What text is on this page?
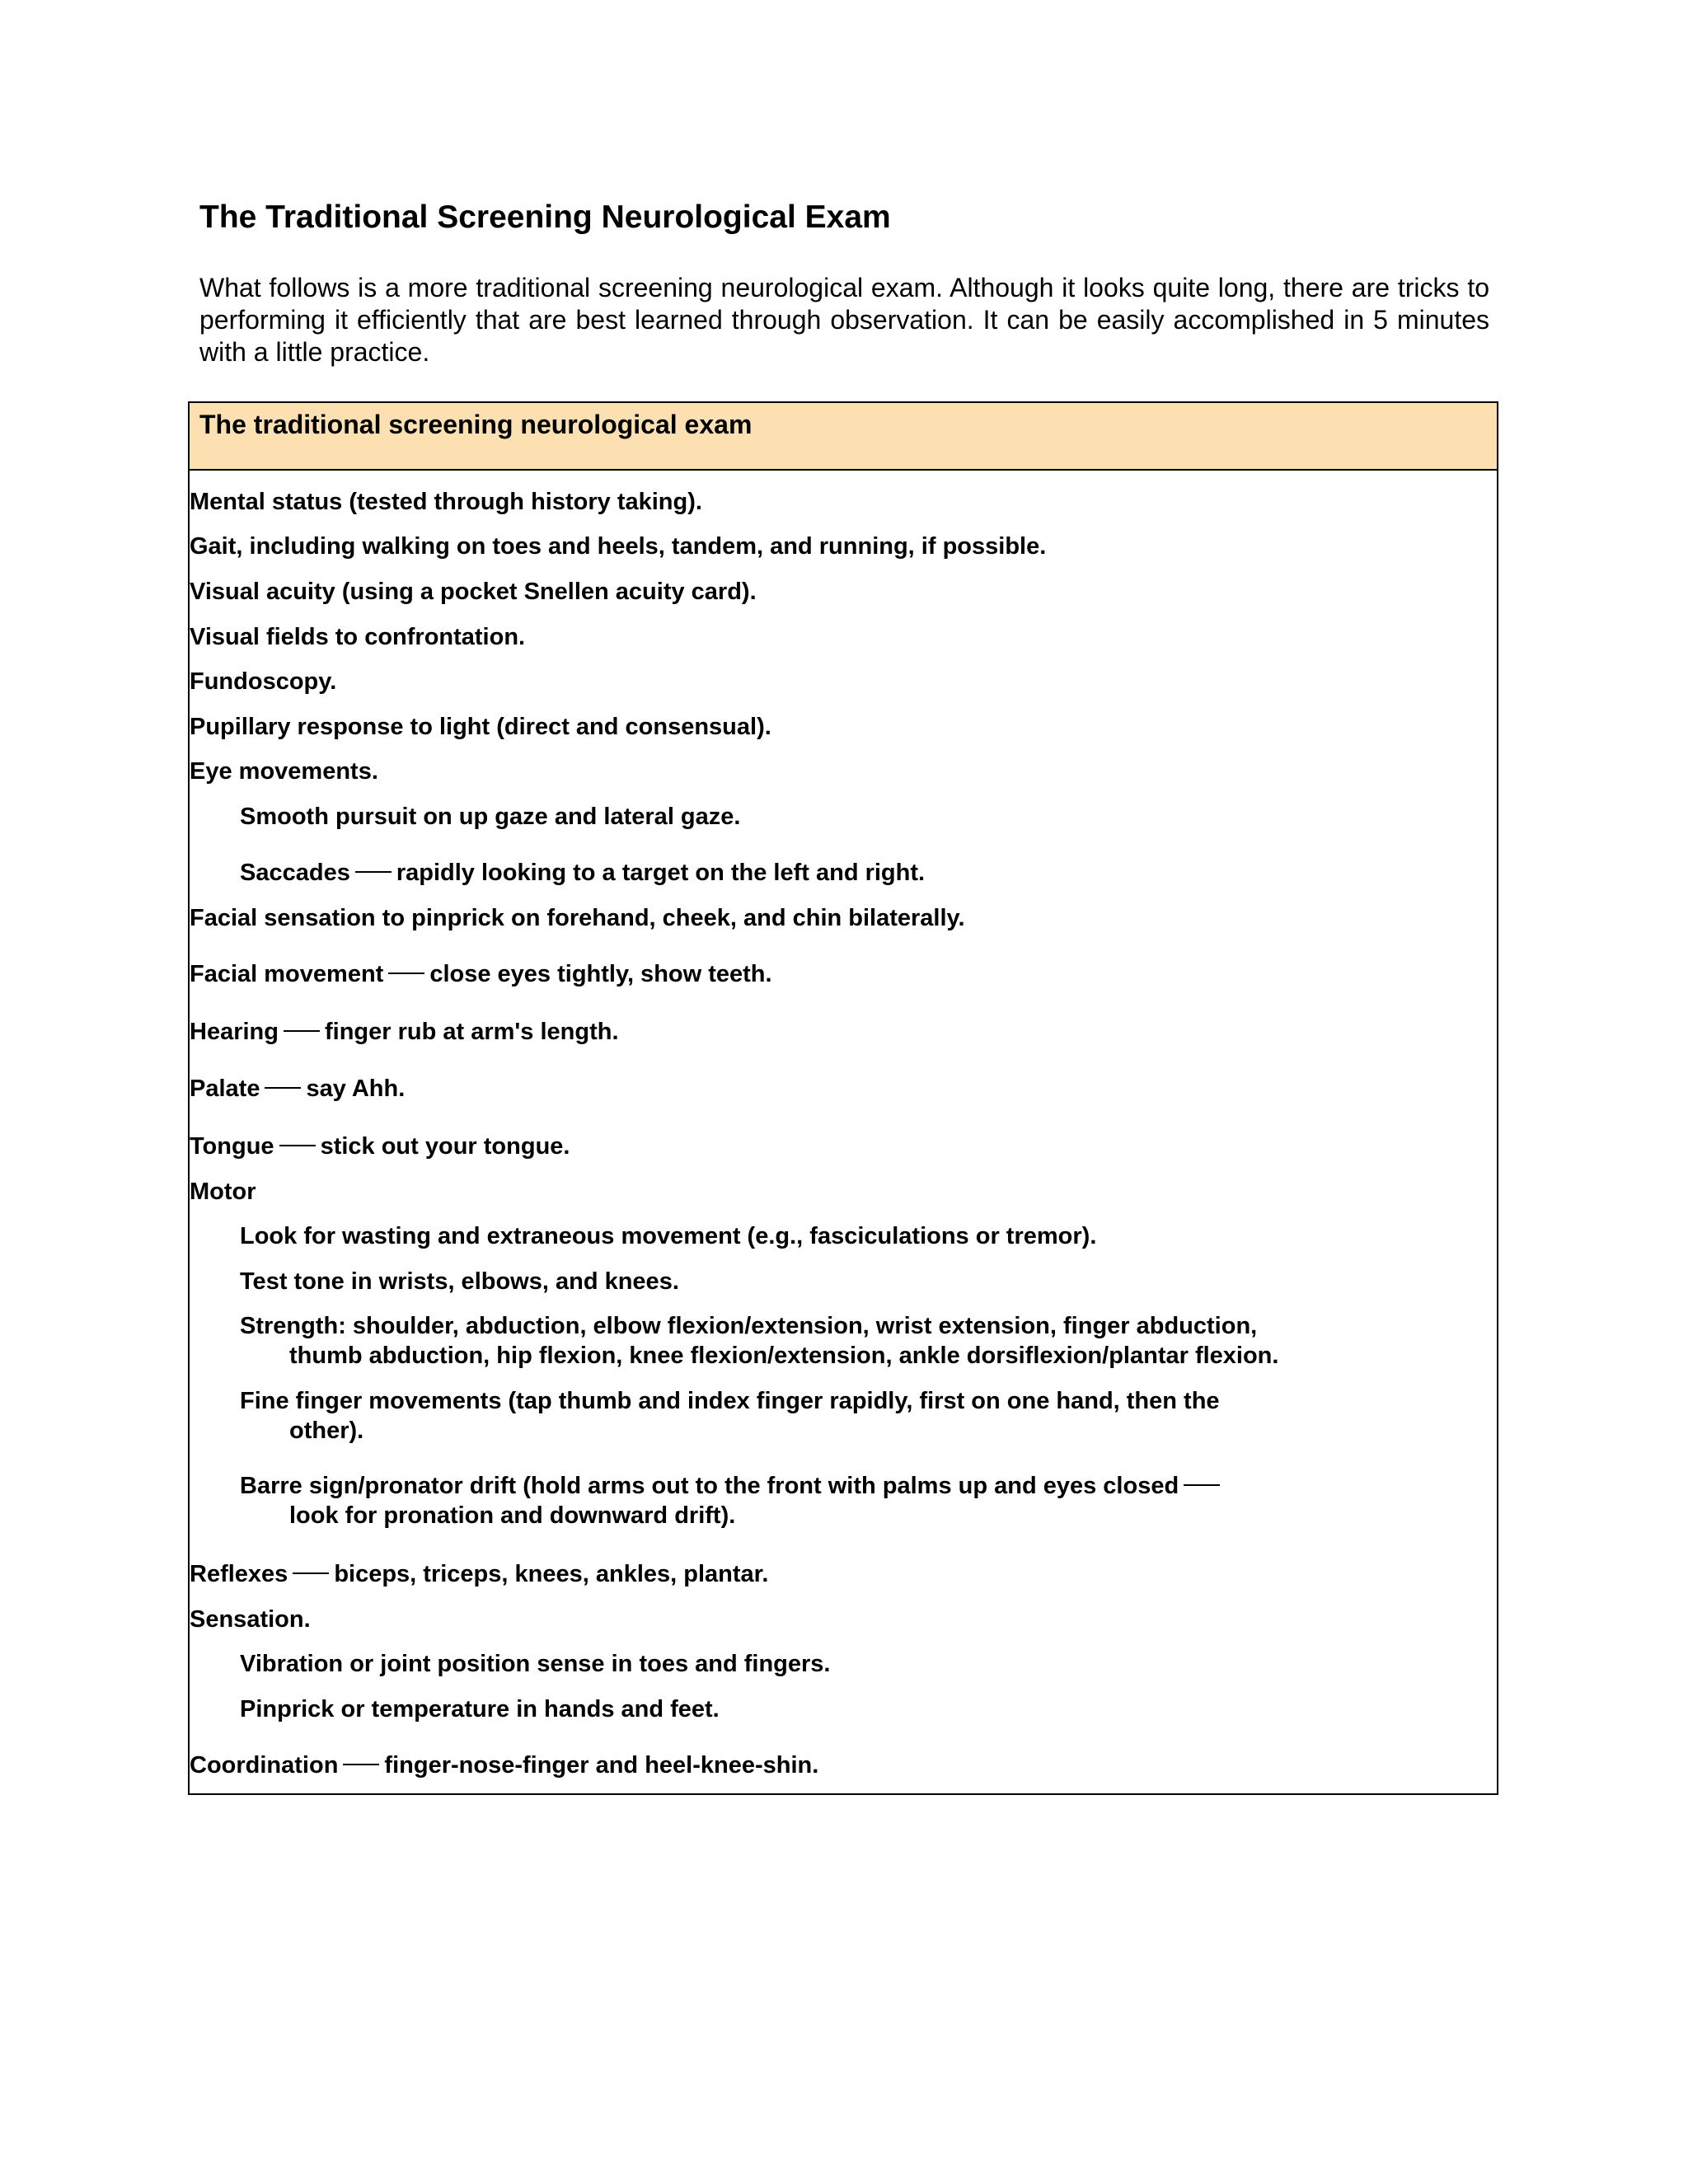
The Traditional Screening Neurological Exam

What follows is a more traditional screening neurological exam. Although it looks quite long, there are tricks to performing it efficiently that are best learned through observation. It can be easily accomplished in 5 minutes with a little practice.

The traditional screening neurological exam
Mental status (tested through history taking).
Gait, including walking on toes and heels, tandem, and running, if possible.
Visual acuity (using a pocket Snellen acuity card).
Visual fields to confrontation.
Fundoscopy.
Pupillary response to light (direct and consensual).
Eye movements.
Smooth pursuit on up gaze and lateral gaze.
Saccades rapidly looking to a target on the left and right.
Facial sensation to pinprick on forehand, cheek, and chin bilaterally.
Facial movement close eyes tightly, show teeth.
Hearing finger rub at arm's length.
Palate say Ahh.
Tongue stick out your tongue.
Motor
Look for wasting and extraneous movement (e.g., fasciculations or tremor).
Test tone in wrists, elbows, and knees.
Strength: shoulder, abduction, elbow flexion/extension, wrist extension, finger abduction,
thumb abduction, hip flexion, knee flexion/extension, ankle dorsiflexion/plantar flexion.
Fine finger movements (tap thumb and index finger rapidly, first on one hand, then the
other).
Barre sign/pronator drift (hold arms out to the front with palms up and eyes closed
look for pronation and downward drift).
Reflexes biceps, triceps, knees, ankles, plantar.
Sensation.
Vibration or joint position sense in toes and fingers.
Pinprick or temperature in hands and feet.
Coordination finger-nose-finger and heel-knee-shin.
